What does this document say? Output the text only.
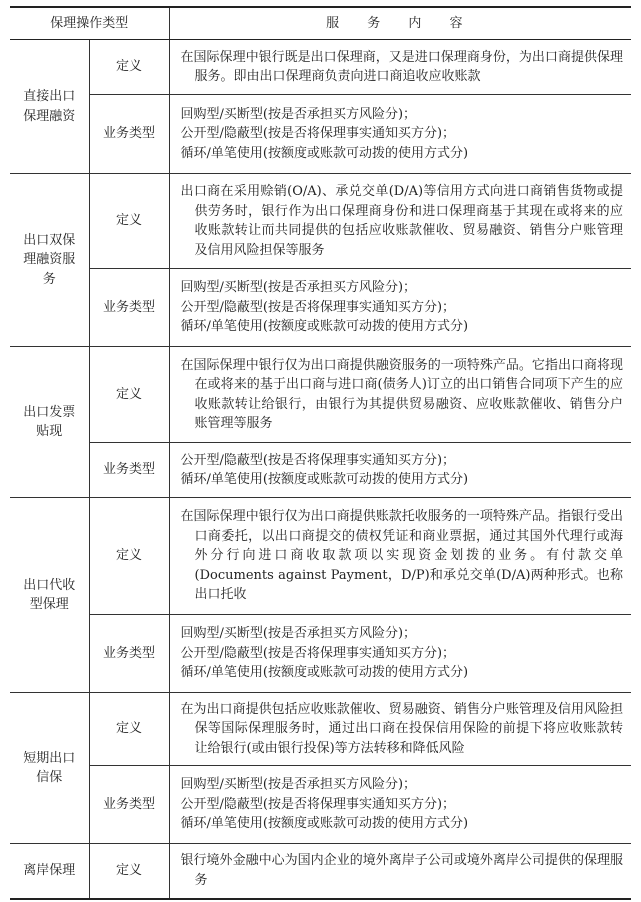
保理操作类型		服 务 内 容
直接出口保理融资	定义	在国际保理中银行既是出口保理商，又是进口保理商身份，为出口商提供保理服务。即由出口保理商负责向进口商追收应收账款

	业务类型	回购型/买断型(按是否承担买方风险分)；
公开型/隐蔽型(按是否将保理事实通知买方分)；
循环/单笔使用(按额度或账款可动拨的使用方式分)

出口双保理融资服务	定义	出口商在采用赊销(O/A)、承兑交单(D/A)等信用方式向进口商销售货物或提供劳务时，银行作为出口保理商身份和进口保理商基于其现在或将来的应收账款转让而共同提供的包括应收账款催收、贸易融资、销售分户账管理及信用风险担保等服务

	业务类型	回购型/买断型(按是否承担买方风险分)；
公开型/隐蔽型(按是否将保理事实通知买方分)；
循环/单笔使用(按额度或账款可动拨的使用方式分)

出口发票贴现	定义	在国际保理中银行仅为出口商提供融资服务的一项特殊产品。它指出口商将现在或将来的基于出口商与进口商(债务人)订立的出口销售合同项下产生的应收账款转让给银行，由银行为其提供贸易融资、应收账款催收、销售分户账管理等服务

	业务类型	公开型/隐蔽型(按是否将保理事实通知买方分)；
循环/单笔使用(按额度或账款可动拨的使用方式分)

出口代收型保理	定义	在国际保理中银行仅为出口商提供账款托收服务的一项特殊产品。指银行受出口商委托，以出口商提交的债权凭证和商业票据，通过其国外代理行或海外分行向进口商收取款项以实现资金划拨的业务。有付款交单(Documents against Payment，D/P)和承兑交单(D/A)两种形式。也称出口托收

	业务类型	回购型/买断型(按是否承担买方风险分)；
公开型/隐蔽型(按是否将保理事实通知买方分)；
循环/单笔使用(按额度或账款可动拨的使用方式分)

短期出口信保	定义	在为出口商提供包括应收账款催收、贸易融资、销售分户账管理及信用风险担保等国际保理服务时，通过出口商在投保信用保险的前提下将应收账款转让给银行(或由银行投保)等方法转移和降低风险

	业务类型	回购型/买断型(按是否承担买方风险分)；
公开型/隐蔽型(按是否将保理事实通知买方分)；
循环/单笔使用(按额度或账款可动拨的使用方式分)

离岸保理	定义	银行境外金融中心为国内企业的境外离岸子公司或境外离岸公司提供的保理服务
